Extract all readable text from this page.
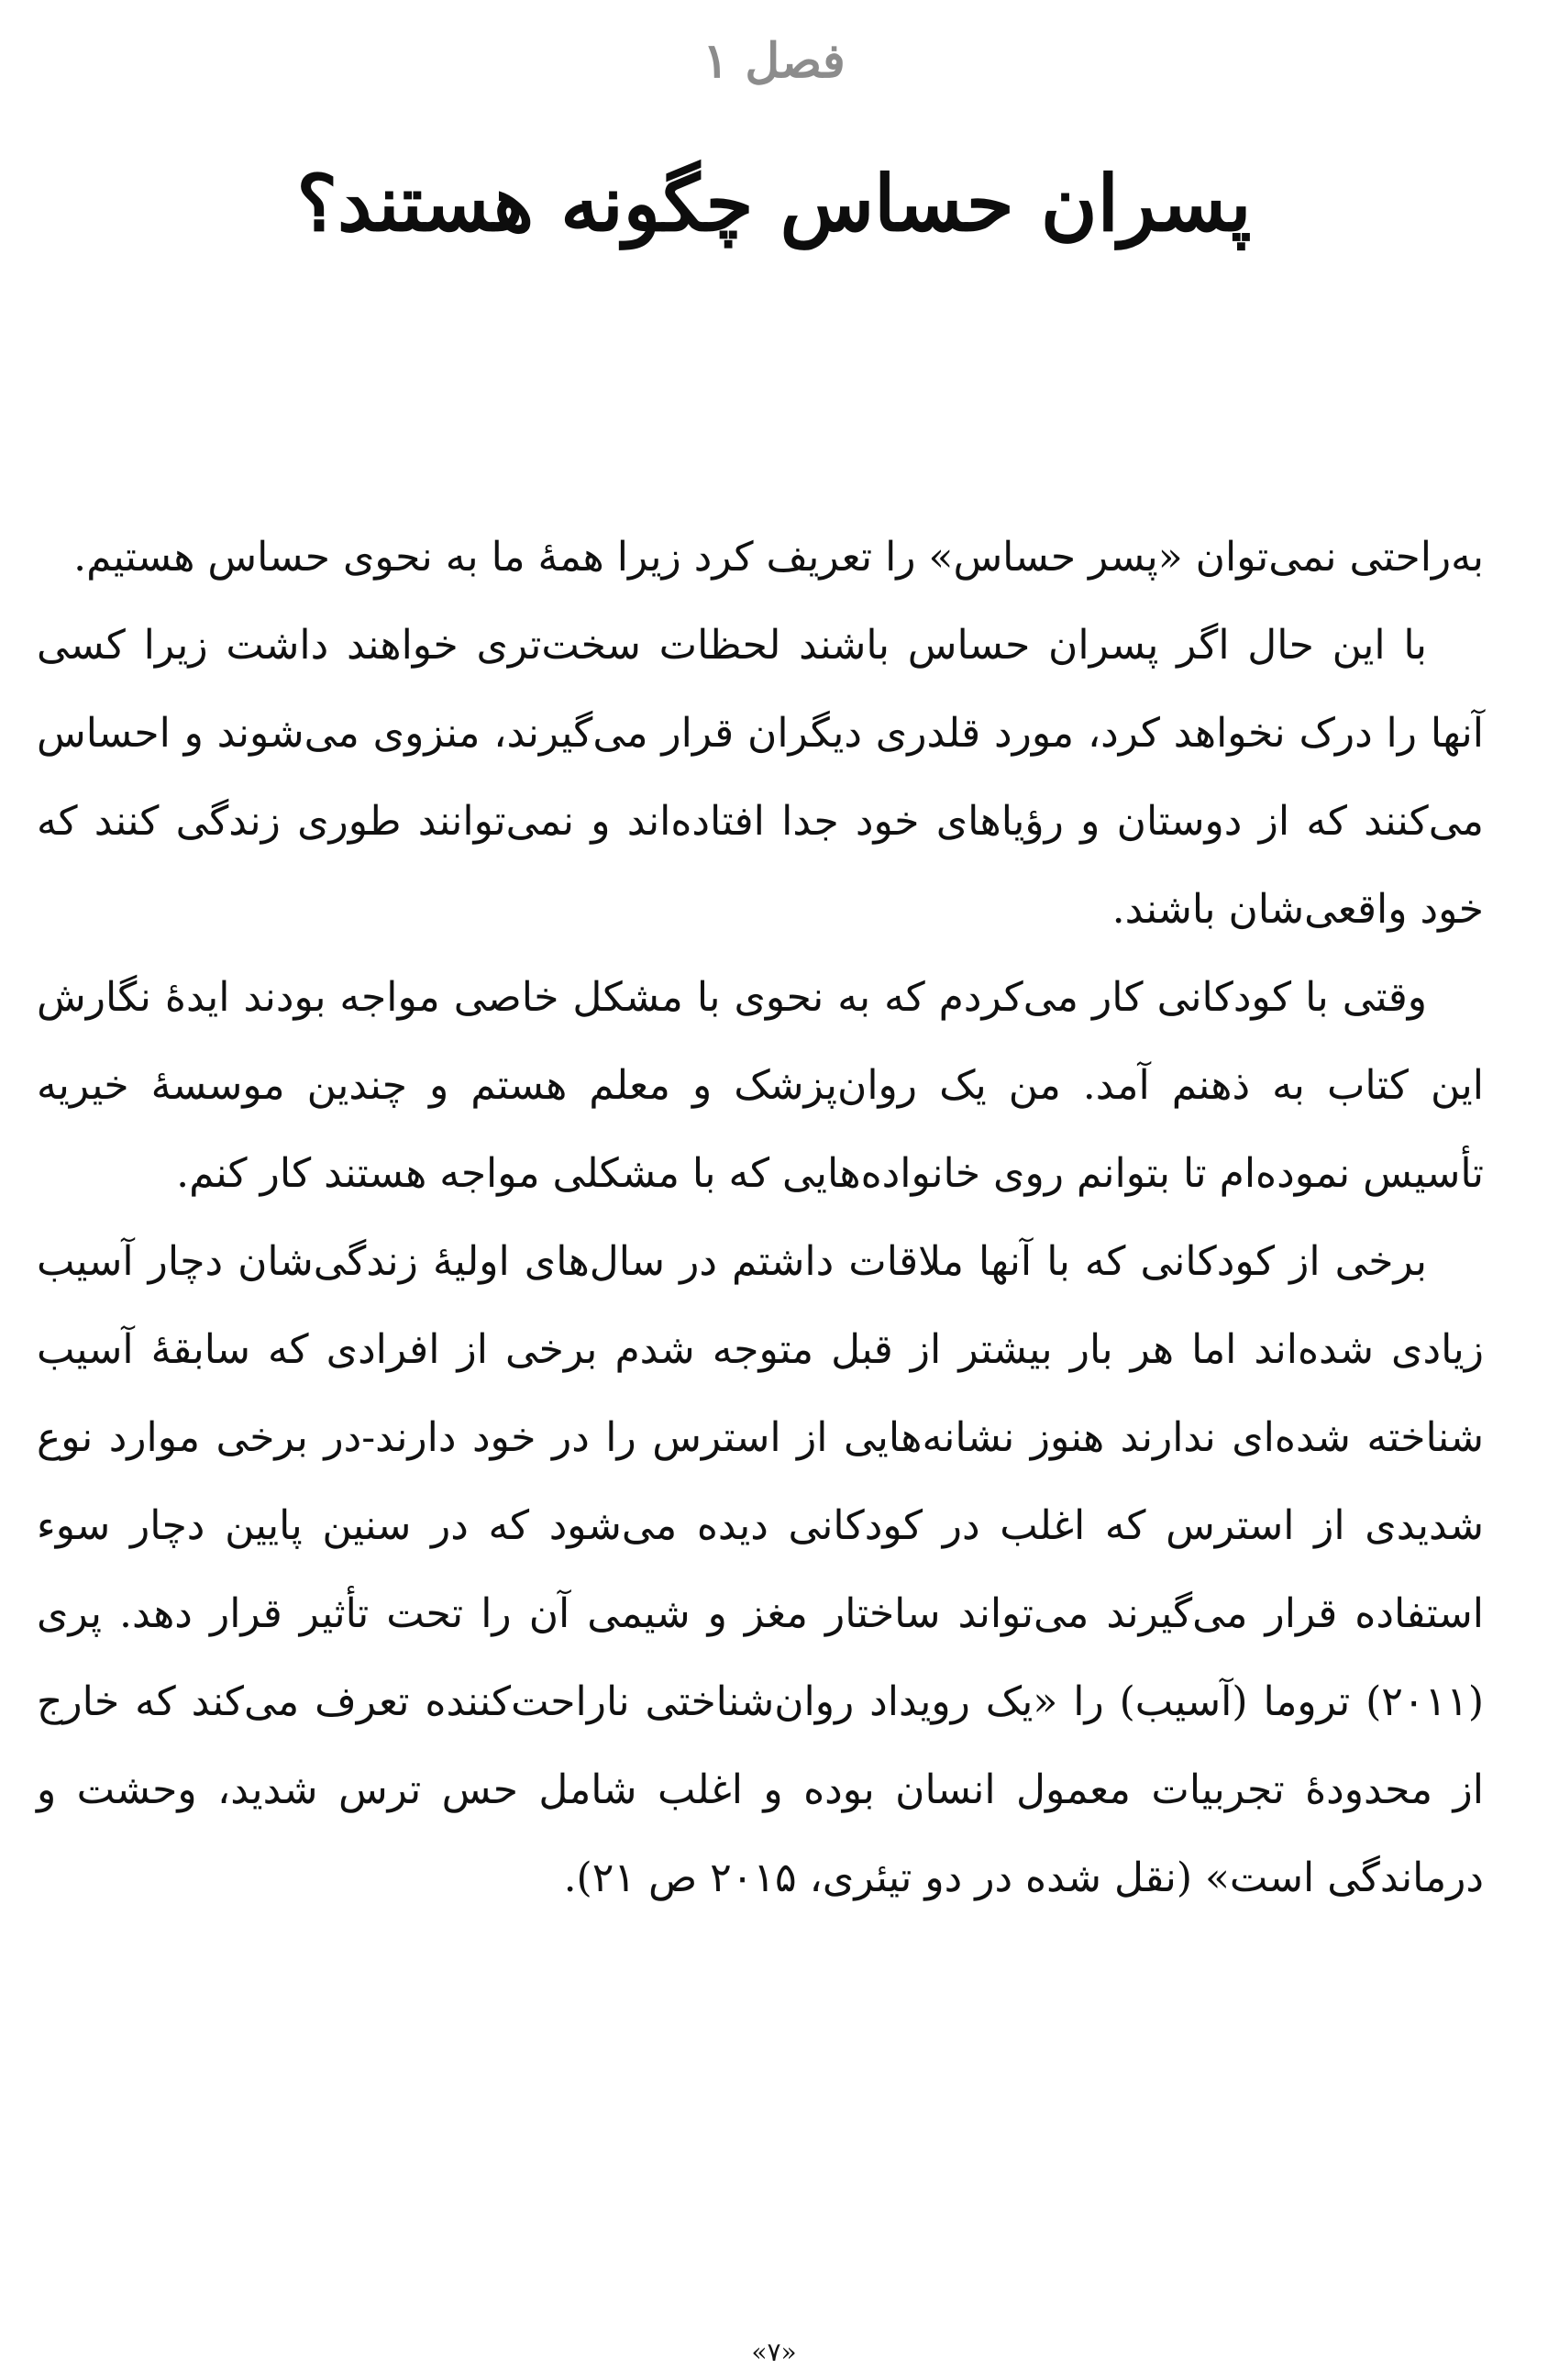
فصل ۱
پسران حساس چگونه هستند؟

به‌راحتی نمی‌توان «پسر حساس» را تعریف کرد زیرا همهٔ ما به نحوی حساس هستیم.

با این حال اگر پسران حساس باشند لحظات سخت‌تری خواهند داشت زیرا کسی آنها را درک نخواهد کرد، مورد قلدری دیگران قرار می‌گیرند، منزوی می‌شوند و احساس می‌کنند که از دوستان و رؤیاهای خود جدا افتاده‌اند و نمی‌توانند طوری زندگی کنند که خود واقعی‌شان باشند.

وقتی با کودکانی کار می‌کردم که به نحوی با مشکل خاصی مواجه بودند ایدهٔ نگارش این کتاب به ذهنم آمد. من یک روان‌پزشک و معلم هستم و چندین موسسهٔ خیریه تأسیس نموده‌ام تا بتوانم روی خانواده‌هایی که با مشکلی مواجه هستند کار کنم.

برخی از کودکانی که با آنها ملاقات داشتم در سال‌های اولیهٔ زندگی‌شان دچار آسیب زیادی شده‌اند اما هر بار بیشتر از قبل متوجه شدم برخی از افرادی که سابقهٔ آسیب شناخته شده‌ای ندارند هنوز نشانه‌هایی از استرس را در خود دارند-در برخی موارد نوع شدیدی از استرس که اغلب در کودکانی دیده می‌شود که در سنین پایین دچار سوء استفاده قرار می‌گیرند می‌تواند ساختار مغز و شیمی آن را تحت تأثیر قرار دهد. پری (۲۰۱۱) تروما (آسیب) را «یک رویداد روان‌شناختی ناراحت‌کننده تعرف می‌کند که خارج از محدودهٔ تجربیات معمول انسان بوده و اغلب شامل حس ترس شدید، وحشت و درماندگی است» (نقل شده در دو تیئری، ۲۰۱۵ ص ۲۱).

«۷»
